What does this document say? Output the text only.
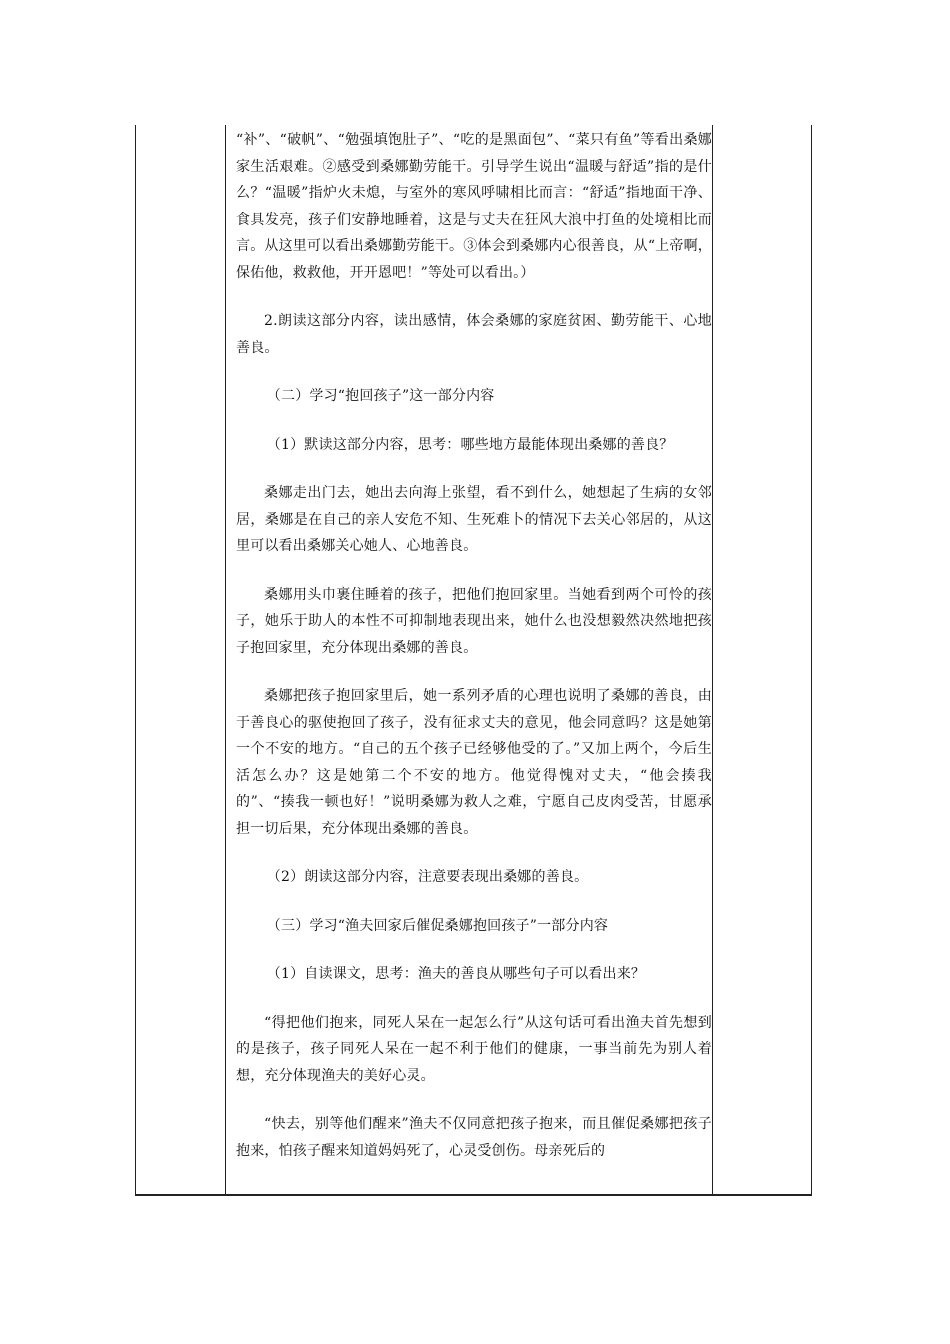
“补”、“破帆”、“勉强填饱肚子”、“吃的是黑面包”、“菜只有鱼”等看出桑娜家生活艰难。②感受到桑娜勤劳能干。引导学生说出“温暖与舒适”指的是什么？“温暖”指炉火未熄，与室外的寒风呼啸相比而言：“舒适”指地面干净、食具发亮，孩子们安静地睡着，这是与丈夫在狂风大浪中打鱼的处境相比而言。从这里可以看出桑娜勤劳能干。③体会到桑娜内心很善良，从“上帝啊，保佑他，救救他，开开恩吧！”等处可以看出。）

2.朗读这部分内容，读出感情，体会桑娜的家庭贫困、勤劳能干、心地善良。

（二）学习“抱回孩子”这一部分内容

（1）默读这部分内容，思考：哪些地方最能体现出桑娜的善良？

桑娜走出门去，她出去向海上张望，看不到什么，她想起了生病的女邻居，桑娜是在自己的亲人安危不知、生死难卜的情况下去关心邻居的，从这里可以看出桑娜关心她人、心地善良。

桑娜用头巾裹住睡着的孩子，把他们抱回家里。当她看到两个可怜的孩子，她乐于助人的本性不可抑制地表现出来，她什么也没想毅然决然地把孩子抱回家里，充分体现出桑娜的善良。

桑娜把孩子抱回家里后，她一系列矛盾的心理也说明了桑娜的善良，由于善良心的驱使抱回了孩子，没有征求丈夫的意见，他会同意吗？这是她第一个不安的地方。“自己的五个孩子已经够他受的了。”又加上两个，今后生活怎么办？这是她第二个不安的地方。他觉得愧对丈夫，“他会揍我的”、“揍我一顿也好！”说明桑娜为救人之难，宁愿自己皮肉受苦，甘愿承担一切后果，充分体现出桑娜的善良。

（2）朗读这部分内容，注意要表现出桑娜的善良。

（三）学习“渔夫回家后催促桑娜抱回孩子”一部分内容

（1）自读课文，思考：渔夫的善良从哪些句子可以看出来？

“得把他们抱来，同死人呆在一起怎么行”从这句话可看出渔夫首先想到的是孩子，孩子同死人呆在一起不利于他们的健康，一事当前先为别人着想，充分体现渔夫的美好心灵。

“快去，别等他们醒来”渔夫不仅同意把孩子抱来，而且催促桑娜把孩子抱来，怕孩子醒来知道妈妈死了，心灵受创伤。母亲死后的
